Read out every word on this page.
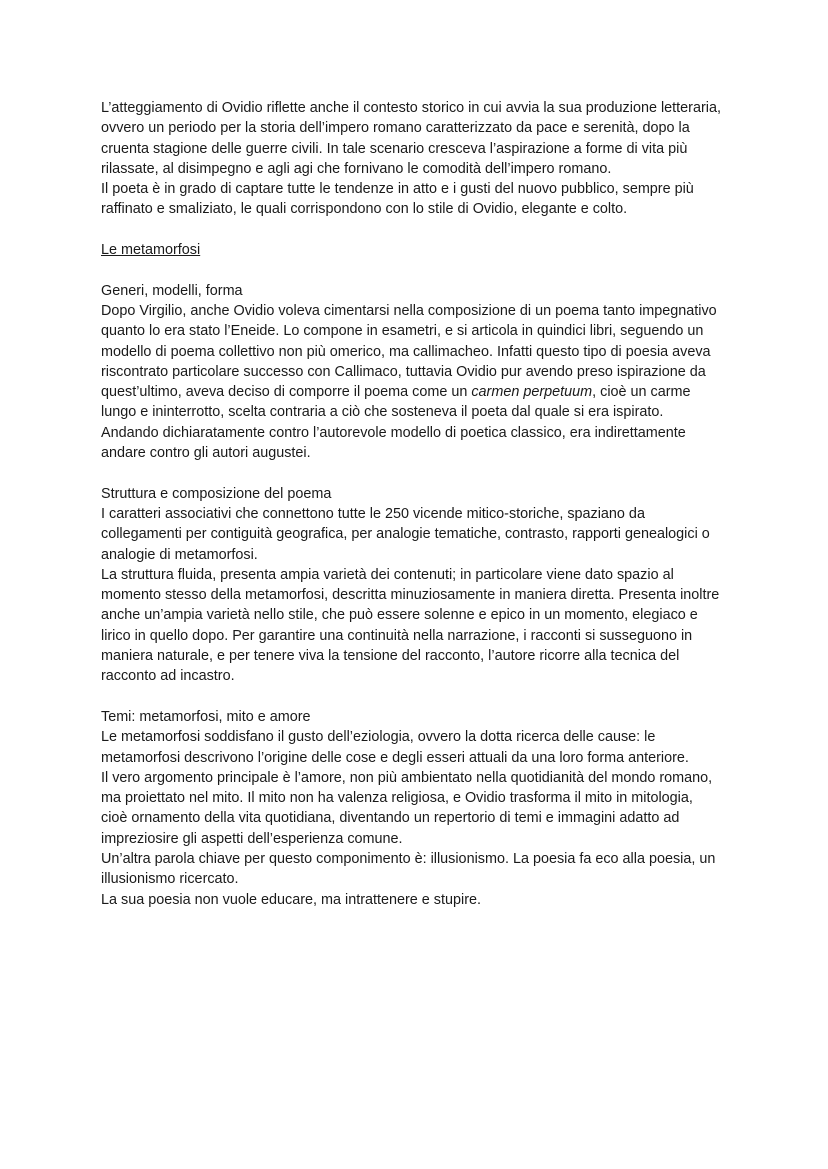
L’atteggiamento di Ovidio riflette anche il contesto storico in cui avvia la sua produzione letteraria,
ovvero un periodo per la storia dell’impero romano caratterizzato da pace e serenità, dopo la
cruenta stagione delle guerre civili. In tale scenario cresceva l’aspirazione a forme di vita più
rilassate, al disimpegno e agli agi che fornivano le comodità dell’impero romano.
Il poeta è in grado di captare tutte le tendenze in atto e i gusti del nuovo pubblico, sempre più
raffinato e smaliziato, le quali corrispondono con lo stile di Ovidio, elegante e colto.
Le metamorfosi
Generi, modelli, forma
Dopo Virgilio, anche Ovidio voleva cimentarsi nella composizione di un poema tanto impegnativo
quanto lo era stato l’Eneide. Lo compone in esametri, e si articola in quindici libri, seguendo un
modello di poema collettivo non più omerico, ma callimacheo. Infatti questo tipo di poesia aveva
riscontrato particolare successo con Callimaco, tuttavia Ovidio pur avendo preso ispirazione da
quest’ultimo, aveva deciso di comporre il poema come un carmen perpetuum, cioè un carme
lungo e ininterrotto, scelta contraria a ciò che sosteneva il poeta dal quale si era ispirato.
Andando dichiaratamente contro l’autorevole modello di poetica classico, era indirettamente
andare contro gli autori augustei.
Struttura e composizione del poema
I caratteri associativi che connettono tutte le 250 vicende mitico-storiche, spaziano da
collegamenti per contiguità geografica, per analogie tematiche, contrasto, rapporti genealogici o
analogie di metamorfosi.
La struttura fluida, presenta ampia varietà dei contenuti; in particolare viene dato spazio al
momento stesso della metamorfosi, descritta minuziosamente in maniera diretta. Presenta inoltre
anche un’ampia varietà nello stile, che può essere solenne e epico in un momento, elegiaco e
lirico in quello dopo. Per garantire una continuità nella narrazione, i racconti si susseguono in
maniera naturale, e per tenere viva la tensione del racconto, l’autore ricorre alla tecnica del
racconto ad incastro.
Temi: metamorfosi, mito e amore
Le metamorfosi soddisfano il gusto dell’eziologia, ovvero la dotta ricerca delle cause: le
metamorfosi descrivono l’origine delle cose e degli esseri attuali da una loro forma anteriore.
Il vero argomento principale è l’amore, non più ambientato nella quotidianità del mondo romano,
ma proiettato nel mito. Il mito non ha valenza religiosa, e Ovidio trasforma il mito in mitologia,
cioè ornamento della vita quotidiana, diventando un repertorio di temi e immagini adatto ad
impreziosire gli aspetti dell’esperienza comune.
Un’altra parola chiave per questo componimento è: illusionismo. La poesia fa eco alla poesia, un
illusionismo ricercato.
La sua poesia non vuole educare, ma intrattenere e stupire.
